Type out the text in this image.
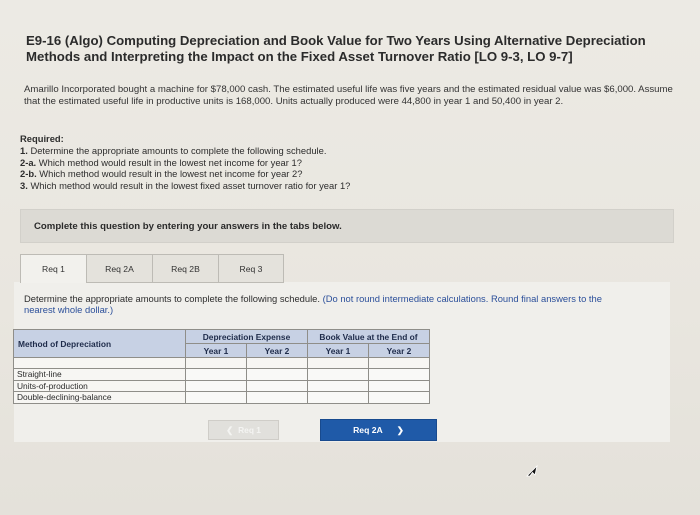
E9-16 (Algo) Computing Depreciation and Book Value for Two Years Using Alternative Depreciation Methods and Interpreting the Impact on the Fixed Asset Turnover Ratio [LO 9-3, LO 9-7]
Amarillo Incorporated bought a machine for $78,000 cash. The estimated useful life was five years and the estimated residual value was $6,000. Assume that the estimated useful life in productive units is 168,000. Units actually produced were 44,800 in year 1 and 50,400 in year 2.
Required:
1. Determine the appropriate amounts to complete the following schedule.
2-a. Which method would result in the lowest net income for year 1?
2-b. Which method would result in the lowest net income for year 2?
3. Which method would result in the lowest fixed asset turnover ratio for year 1?
Complete this question by entering your answers in the tabs below.
Req 1	Req 2A	Req 2B	Req 3
Determine the appropriate amounts to complete the following schedule. (Do not round intermediate calculations. Round final answers to the nearest whole dollar.)
Method of Depreciation	Depreciation Expense		Book Value at the End of	
	Year 1	Year 2	Year 1	Year 2

Straight-line				
Units-of-production				
Double-declining-balance				
❮ Req 1	Req 2A ❯
